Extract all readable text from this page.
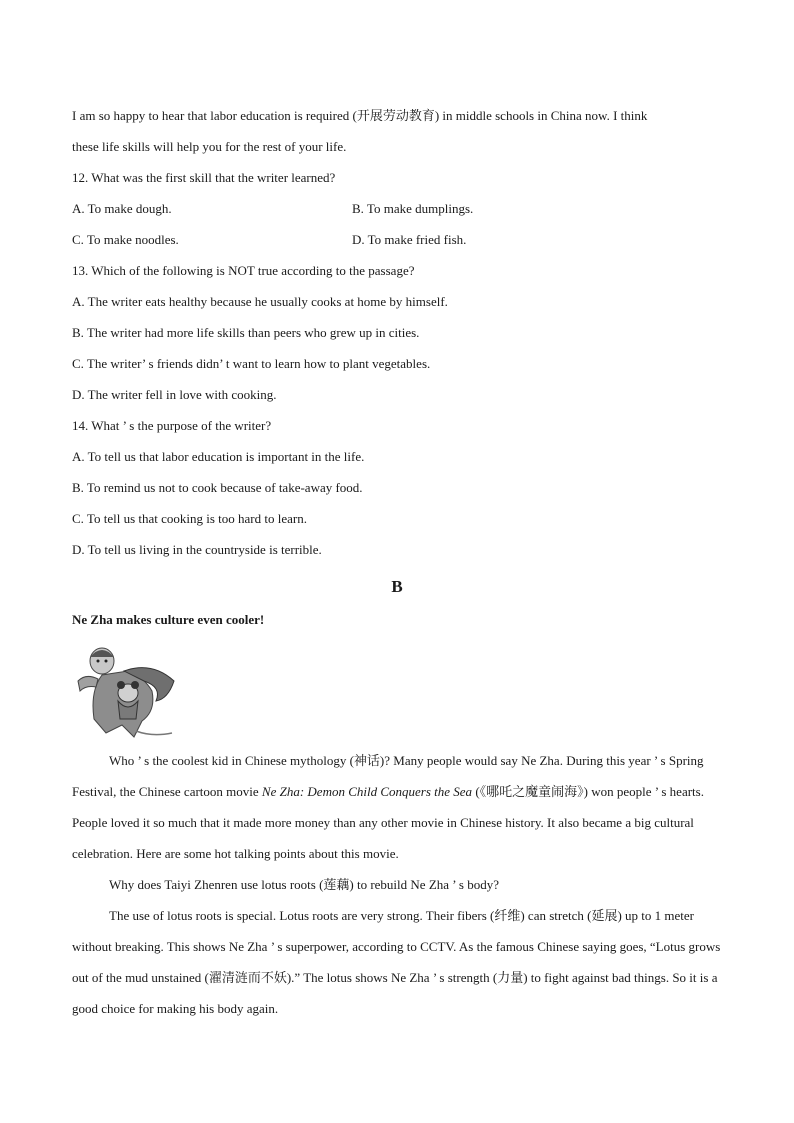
I am so happy to hear that labor education is required (开展劳动教育) in middle schools in China now. I think
these life skills will help you for the rest of your life.
12. What was the first skill that the writer learned?
A. To make dough.	B. To make dumplings.
C. To make noodles.	D. To make fried fish.
13. Which of the following is NOT true according to the passage?
A. The writer eats healthy because he usually cooks at home by himself.
B. The writer had more life skills than peers who grew up in cities.
C. The writer’ s friends didn’ t want to learn how to plant vegetables.
D. The writer fell in love with cooking.
14. What ’ s the purpose of the writer?
A. To tell us that labor education is important in the life.
B. To remind us not to cook because of take-away food.
C. To tell us that cooking is too hard to learn.
D. To tell us living in the countryside is terrible.
B
Ne Zha makes culture even cooler!
Who ’ s the coolest kid in Chinese mythology (神话)? Many people would say Ne Zha. During this year ’ s Spring Festival, the Chinese cartoon movie Ne Zha: Demon Child Conquers the Sea (《哪吒之魔童闹海》) won people ’ s hearts. People loved it so much that it made more money than any other movie in Chinese history. It also became a big cultural celebration. Here are some hot talking points about this movie.
Why does Taiyi Zhenren use lotus roots (莲藕) to rebuild Ne Zha ’ s body?
The use of lotus roots is special. Lotus roots are very strong. Their fibers (纤维) can stretch (延展) up to 1 meter without breaking. This shows Ne Zha ’ s superpower, according to CCTV. As the famous Chinese saying goes, “Lotus grows out of the mud unstained (濯清涟而不妖).” The lotus shows Ne Zha ’ s strength (力量) to fight against bad things. So it is a good choice for making his body again.
